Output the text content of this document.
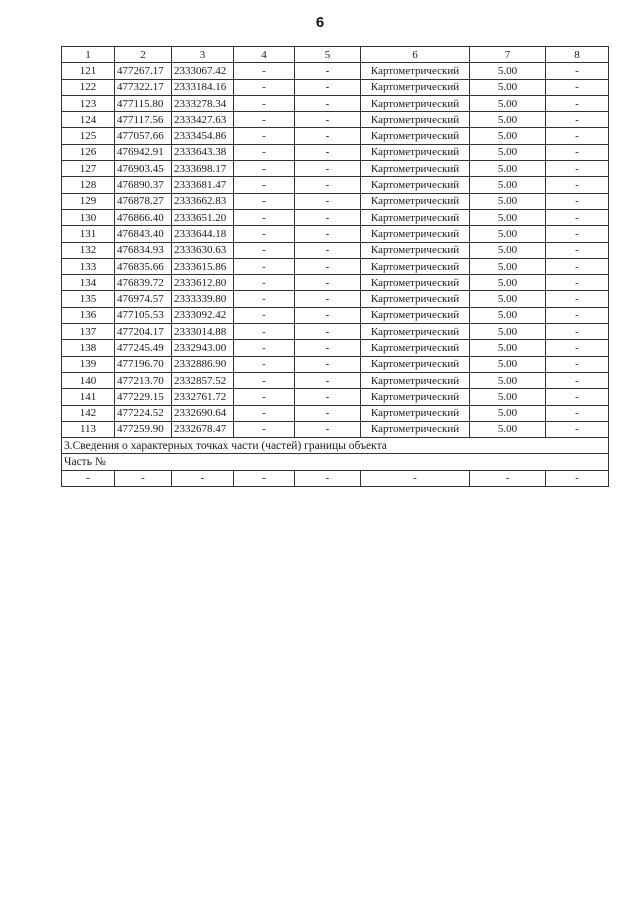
6
1	2	3	4	5	6	7	8
121	477267.17	2333067.42	-	-	Картометрический	5.00	-
122	477322.17	2333184.16	-	-	Картометрический	5.00	-
123	477115.80	2333278.34	-	-	Картометрический	5.00	-
124	477117.56	2333427.63	-	-	Картометрический	5.00	-
125	477057.66	2333454.86	-	-	Картометрический	5.00	-
126	476942.91	2333643.38	-	-	Картометрический	5.00	-
127	476903.45	2333698.17	-	-	Картометрический	5.00	-
128	476890.37	2333681.47	-	-	Картометрический	5.00	-
129	476878.27	2333662.83	-	-	Картометрический	5.00	-
130	476866.40	2333651.20	-	-	Картометрический	5.00	-
131	476843.40	2333644.18	-	-	Картометрический	5.00	-
132	476834.93	2333630.63	-	-	Картометрический	5.00	-
133	476835.66	2333615.86	-	-	Картометрический	5.00	-
134	476839.72	2333612.80	-	-	Картометрический	5.00	-
135	476974.57	2333339.80	-	-	Картометрический	5.00	-
136	477105.53	2333092.42	-	-	Картометрический	5.00	-
137	477204.17	2333014.88	-	-	Картометрический	5.00	-
138	477245.49	2332943.00	-	-	Картометрический	5.00	-
139	477196.70	2332886.90	-	-	Картометрический	5.00	-
140	477213.70	2332857.52	-	-	Картометрический	5.00	-
141	477229.15	2332761.72	-	-	Картометрический	5.00	-
142	477224.52	2332690.64	-	-	Картометрический	5.00	-
113	477259.90	2332678.47	-	-	Картометрический	5.00	-
3.Сведения о характерных точках части (частей) границы объекта							
Часть №							
-	-	-	-	-	-	-	-
